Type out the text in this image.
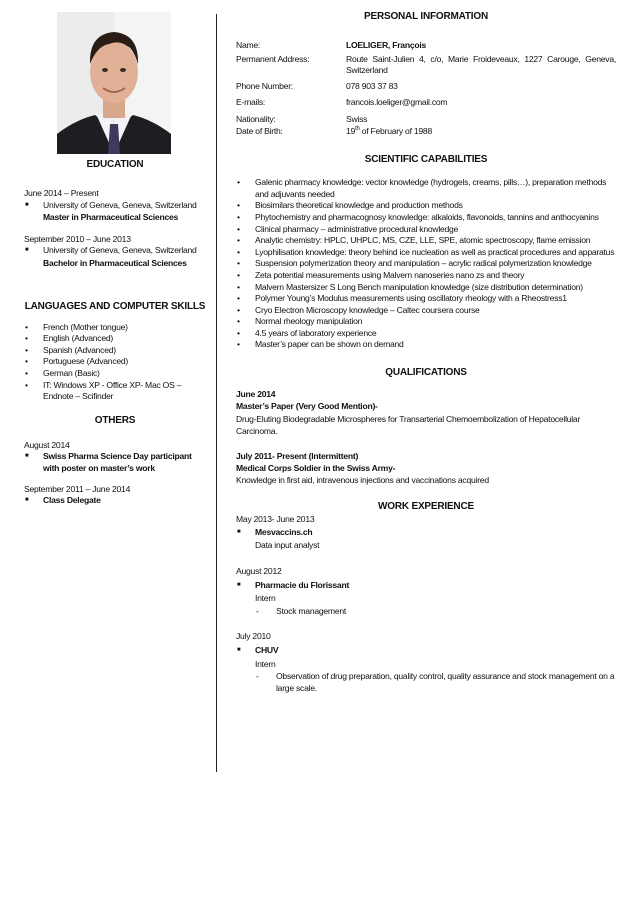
EDUCATION
June 2014 – Present
■ University of Geneva, Geneva, Switzerland
Master in Pharmaceutical Sciences
September 2010 – June 2013
■ University of Geneva, Geneva, Switzerland
Bachelor in Pharmaceutical Sciences
LANGUAGES AND COMPUTER SKILLS
• French (Mother tongue)
• English (Advanced)
• Spanish (Advanced)
• Portuguese (Advanced)
• German (Basic)
• IT: Windows XP - Office XP- Mac OS – Endnote – Scifinder
OTHERS
August 2014
■ Swiss Pharma Science Day participant with poster on master’s work
September 2011 – June 2014
■ Class Delegate
PERSONAL INFORMATION
Name:	LOELIGER, François
Permanent Address:	Route Saint-Julien 4, c/o, Marie Froideveaux, 1227 Carouge, Geneva, Switzerland
Phone Number:	078 903 37 83
E-mails:	francois.loeliger@gmail.com
Nationality:	Swiss
Date of Birth:	19th of February of 1988
SCIENTIFIC CAPABILITIES
• Galenic pharmacy knowledge: vector knowledge (hydrogels, creams, pills…), preparation methods and adjuvants needed
• Biosimilars theoretical knowledge and production methods
• Phytochemistry and pharmacognosy knowledge: alkaloids, flavonoids, tannins and anthocyanins
• Clinical pharmacy – administrative procedural knowledge
• Analytic chemistry: HPLC, UHPLC, MS, CZE, LLE, SPE, atomic spectroscopy, flame emission
• Lyophilisation knowledge: theory behind ice nucleation as well as practical procedures and apparatus
• Suspension polymerization theory and manipulation – acrylic radical polymerization knowledge
• Zeta potential measurements using Malvern nanoseries nano zs and theory
• Malvern Mastersizer S Long Bench manipulation knowledge (size distribution determination)
• Polymer Young’s Modulus measurements using oscillatory rheology with a Rheostress1
• Cryo Electron Microscopy knowledge – Caltec coursera course
• Normal rheology manipulation
• 4.5 years of laboratory experience
• Master’s paper can be shown on demand
QUALIFICATIONS
June 2014
Master’s Paper (Very Good Mention)-
Drug-Eluting Biodegradable Microspheres for Transarterial Chemoembolization of Hepatocellular Carcinoma.
July 2011- Present (Intermittent)
Medical Corps Soldier in the Swiss Army-
Knowledge in first aid, intravenous injections and vaccinations acquired
WORK EXPERIENCE
May 2013- June 2013
■ Mesvaccins.ch
Data input analyst
August 2012
■ Pharmacie du Florissant
Intern
- Stock management
July 2010
■ CHUV
Intern
- Observation of drug preparation, quality control, quality assurance and stock management on a large scale.
